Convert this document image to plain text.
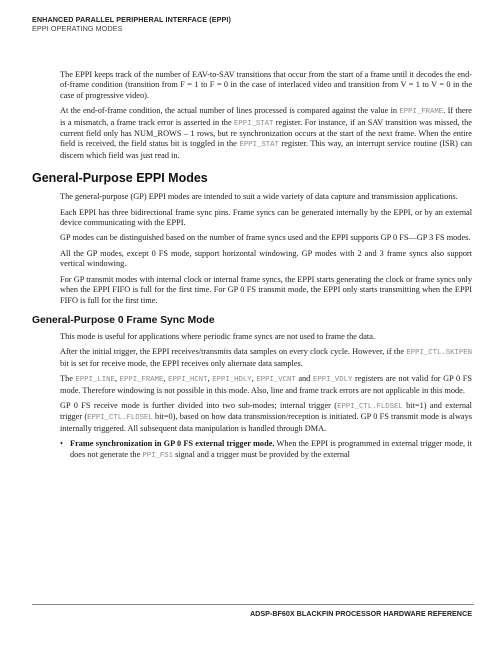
ENHANCED PARALLEL PERIPHERAL INTERFACE (EPPI)
EPPI OPERATING MODES

The EPPI keeps track of the number of EAV-to-SAV transitions that occur from the start of a frame until it decodes the end-of-frame condition (transition from F = 1 to F = 0 in the case of interlaced video and transition from V = 1 to V = 0 in the case of progressive video).

At the end-of-frame condition, the actual number of lines processed is compared against the value in EPPI_FRAME. If there is a mismatch, a frame track error is asserted in the EPPI_STAT register. For instance, if an SAV transition was missed, the current field only has NUM_ROWS – 1 rows, but re synchronization occurs at the start of the next frame. When the entire field is received, the field status bit is toggled in the EPPI_STAT register. This way, an interrupt service routine (ISR) can discern which field was just read in.

General-Purpose EPPI Modes

The general-purpose (GP) EPPI modes are intended to suit a wide variety of data capture and transmission applications.

Each EPPI has three bidirectional frame sync pins. Frame syncs can be generated internally by the EPPI, or by an external device communicating with the EPPI.

GP modes can be distinguished based on the number of frame syncs used and the EPPI supports GP 0 FS—GP 3 FS modes.

All the GP modes, except 0 FS mode, support horizontal windowing. GP modes with 2 and 3 frame syncs also support vertical windowing.

For GP transmit modes with internal clock or internal frame syncs, the EPPI starts generating the clock or frame syncs only when the EPPI FIFO is full for the first time. For GP 0 FS transmit mode, the EPPI only starts transmitting when the EPPI FIFO is full for the first time.

General-Purpose 0 Frame Sync Mode

This mode is useful for applications where periodic frame syncs are not used to frame the data.

After the initial trigger, the EPPI receives/transmits data samples on every clock cycle. However, if the EPPI_CTL.SKIPEN bit is set for receive mode, the EPPI receives only alternate data samples.

The EPPI_LINE, EPPI_FRAME, EPPI_HCNT, EPPI_HDLY, EPPI_VCNT and EPPI_VDLY registers are not valid for GP 0 FS mode. Therefore windowing is not possible in this mode. Also, line and frame track errors are not applicable in this mode.

GP 0 FS receive mode is further divided into two sub-modes; internal trigger (EPPI_CTL.FLDSEL bit=1) and external trigger (EPPI_CTL.FLDSEL bit=0), based on how data transmission/reception is initiated. GP 0 FS transmit mode is always internally triggered. All subsequent data manipulation is handled through DMA.

• Frame synchronization in GP 0 FS external trigger mode. When the EPPI is programmed in external trigger mode, it does not generate the PPI_FS1 signal and a trigger must be provided by the external
ADSP-BF60X BLACKFIN PROCESSOR HARDWARE REFERENCE
